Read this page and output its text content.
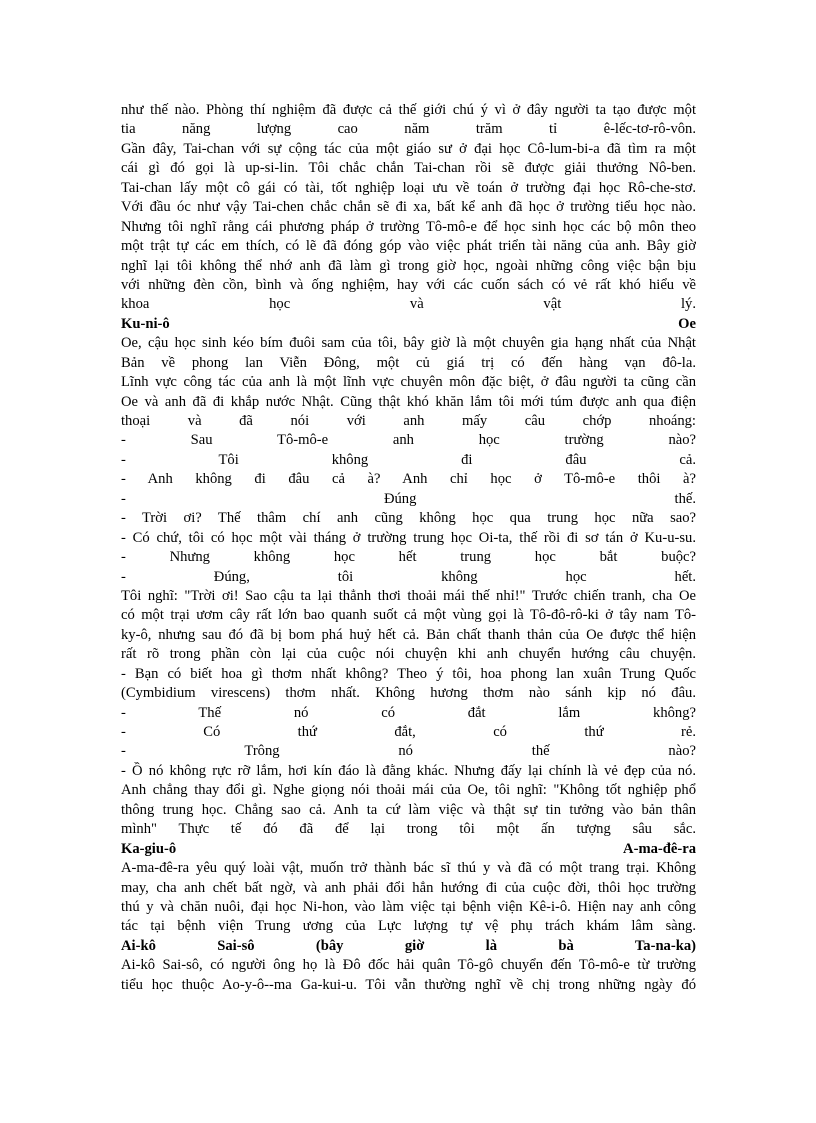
như thế nào. Phòng thí nghiệm đã được cả thế giới chú ý vì ở đây người ta tạo được một
tia năng lượng cao năm trăm tỉ ê-lếc-tơ-rô-vôn.
Gần đây, Tai-chan với sự cộng tác của một giáo sư ở đại học Cô-lum-bi-a đã tìm ra một
cái gì đó gọi là up-si-lin. Tôi chắc chắn Tai-chan rồi sẽ được giải thưởng Nô-ben.
Tai-chan lấy một cô gái có tài, tốt nghiệp loại ưu về toán ở trường đại học Rô-che-stơ.
Với đầu óc như vậy Tai-chen chắc chắn sẽ đi xa, bất kể anh đã học ở trường tiểu học nào.
Nhưng tôi nghĩ rằng cái phương pháp ở trường Tô-mô-e để học sinh học các bộ môn theo
một trật tự các em thích, có lẽ đã đóng góp vào việc phát triển tài năng của anh. Bây giờ
nghĩ lại tôi không thể nhớ anh đã làm gì trong giờ học, ngoài những công việc bận bịu
với những đèn cồn, bình và ống nghiệm, hay với các cuốn sách có vẻ rất khó hiểu về
khoa học và vật lý.
Ku-ni-ô Oe
Oe, cậu học sinh kéo bím đuôi sam của tôi, bây giờ là một chuyên gia hạng nhất của Nhật
Bản về phong lan Viễn Đông, một củ giá trị có đến hàng vạn đô-la.
Lĩnh vực công tác của anh là một lĩnh vực chuyên môn đặc biệt, ở đâu người ta cũng cần
Oe và anh đã đi khắp nước Nhật. Cũng thật khó khăn lắm tôi mới túm được anh qua điện
thoại và đã nói với anh mấy câu chớp nhoáng:
- Sau Tô-mô-e anh học trường nào?
- Tôi không đi đâu cả.
- Anh không đi đâu cả à? Anh chỉ học ở Tô-mô-e thôi à?
- Đúng thế.
- Trời ơi? Thế thâm chí anh cũng không học qua trung học nữa sao?
- Có chứ, tôi có học một vài tháng ở trường trung học Oi-ta, thế rồi đi sơ tán ở Ku-u-su.
- Nhưng không học hết trung học bắt buộc?
- Đúng, tôi không học hết.
Tôi nghĩ: "Trời ơi! Sao cậu ta lại thẳnh thơi thoải mái thế nhỉ!" Trước chiến tranh, cha Oe
có một trại ươm cây rất lớn bao quanh suốt cả một vùng gọi là Tô-đô-rô-ki ở tây nam Tô-
ky-ô, nhưng sau đó đã bị bom phá huỷ hết cả. Bản chất thanh thản của Oe được thể hiện
rất rõ trong phần còn lại của cuộc nói chuyện khi anh chuyển hướng câu chuyện.
- Bạn có biết hoa gì thơm nhất không? Theo ý tôi, hoa phong lan xuân Trung Quốc
(Cymbidium virescens) thơm nhất. Không hương thơm nào sánh kịp nó đâu.
- Thế nó có đắt lắm không?
- Có thứ đắt, có thứ rẻ.
- Trông nó thế nào?
- Ồ nó không rực rỡ lắm, hơi kín đáo là đằng khác. Nhưng đấy lại chính là vẻ đẹp của nó.
Anh chẳng thay đổi gì. Nghe giọng nói thoải mái của Oe, tôi nghĩ: "Không tốt nghiệp phổ
thông trung học. Chẳng sao cả. Anh ta cứ làm việc và thật sự tin tưởng vào bản thân
mình" Thực tế đó đã để lại trong tôi một ấn tượng sâu sắc.
Ka-giu-ô A-ma-đê-ra
A-ma-đê-ra yêu quý loài vật, muốn trở thành bác sĩ thú y và đã có một trang trại. Không
may, cha anh chết bất ngờ, và anh phải đổi hẳn hướng đi của cuộc đời, thôi học trường
thú y và chăn nuôi, đại học Ni-hon, vào làm việc tại bệnh viện Kê-i-ô. Hiện nay anh công
tác tại bệnh viện Trung ương của Lực lượng tự vệ phụ trách khám lâm sàng.
Ai-kô Sai-sô (bây giờ là bà Ta-na-ka)
Ai-kô Sai-sô, có người ông họ là Đô đốc hải quân Tô-gô chuyển đến Tô-mô-e từ trường
tiểu học thuộc Ao-y-ô--ma Ga-kui-u. Tôi vẫn thường nghĩ về chị trong những ngày đó
